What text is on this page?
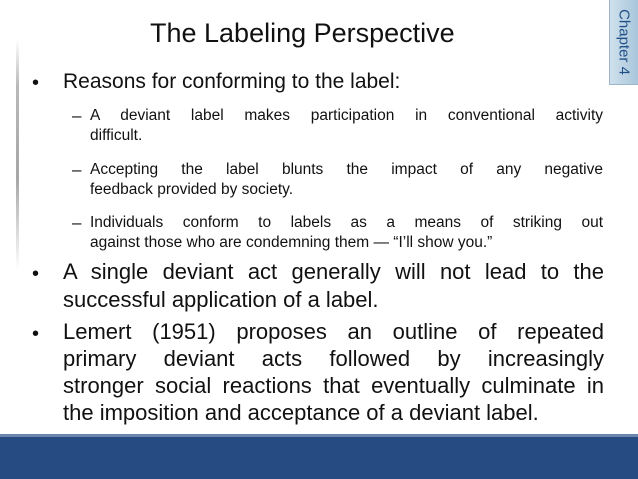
Chapter 4
The Labeling Perspective
• Reasons for conforming to the label:
– A deviant label makes participation in conventional activity
difficult.
– Accepting the label blunts the impact of any negative
feedback provided by society.
– Individuals conform to labels as a means of striking out
against those who are condemning them — “I’ll show you.”
• A single deviant act generally will not lead to the
successful application of a label.
• Lemert (1951) proposes an outline of repeated
primary deviant acts followed by increasingly
stronger social reactions that eventually culminate in
the imposition and acceptance of a deviant label.
